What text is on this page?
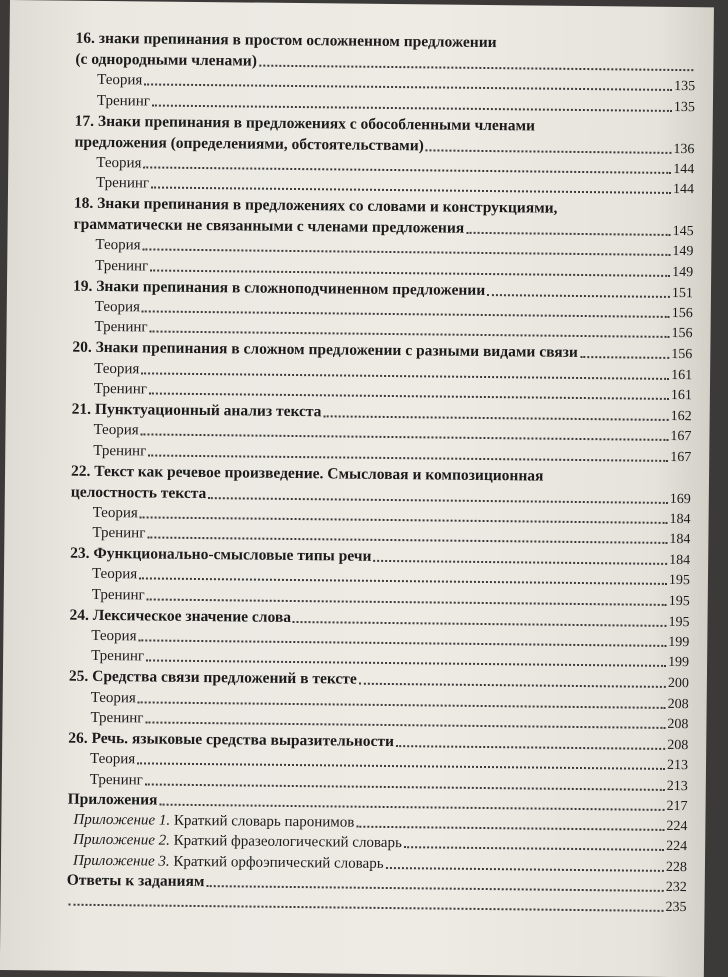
16. знаки препинания в простом осложненном предложении
(с однородными членами)
Теория	135
Тренинг	135
17. Знаки препинания в предложениях с обособленными членами
предложения (определениями, обстоятельствами)	136
Теория	144
Тренинг	144
18. Знаки препинания в предложениях со словами и конструкциями,
грамматически не связанными с членами предложения	145
Теория	149
Тренинг	149
19. Знаки препинания в сложноподчиненном предложении	151
Теория	156
Тренинг	156
20. Знаки препинания в сложном предложении с разными видами связи	156
Теория	161
Тренинг	161
21. Пунктуационный анализ текста	162
Теория	167
Тренинг	167
22. Текст как речевое произведение. Смысловая и композиционная
целостность текста	169
Теория	184
Тренинг	184
23. Функционально-смысловые типы речи	184
Теория	195
Тренинг	195
24. Лексическое значение слова	195
Теория	199
Тренинг	199
25. Средства связи предложений в тексте	200
Теория	208
Тренинг	208
26. Речь. языковые средства выразительности	208
Теория	213
Тренинг	213
Приложения	217
Приложение 1. Краткий словарь паронимов	224
Приложение 2. Краткий фразеологический словарь	224
Приложение 3. Краткий орфоэпический словарь	228
Ответы к заданиям	232
235
